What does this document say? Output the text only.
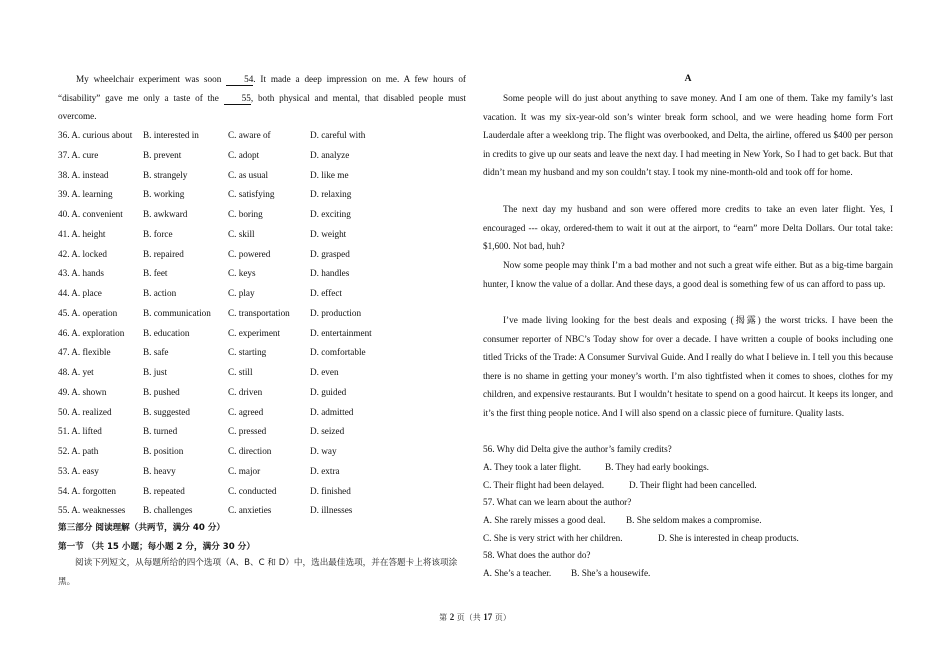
My wheelchair experiment was soon 54. It made a deep impression on me. A few hours of “disability” gave me only a taste of the 55, both physical and mental, that disabled people must overcome.
36. A. curious about B. interested in	C. aware of	D. careful with
37. A. cure	B. prevent	C. adopt	D. analyze
38. A. instead	B. strangely	C. as usual	D. like me
39. A. learning	B. working	C. satisfying	D. relaxing
40. A. convenient B. awkward	C. boring	D. exciting
41. A. height	B. force	C. skill	D. weight
42. A. locked	B. repaired	C. powered	D. grasped
43. A. hands	B. feet	C. keys	D. handles
44. A. place	B. action	C. play	D. effect
45. A. operation	B. communication C. transportation D. production
46. A. exploration B. education	C. experiment	D. entertainment
47. A. flexible	B. safe	C. starting	D. comfortable
48. A. yet	B. just	C. still	D. even
49. A. shown	B. pushed	C. driven	D. guided
50. A. realized	B. suggested	C. agreed	D. admitted
51. A. lifted	B. turned	C. pressed	D. seized
52. A. path	B. position	C. direction	D. way
53. A. easy	B. heavy	C. major	D. extra
54. A. forgotten	B. repeated	C. conducted	D. finished
55. A. weaknesses B. challenges	C. anxieties	D. illnesses
第三部分 阅读理解（共两节，满分 40 分）
第一节 （共 15 小题；每小题 2 分，满分 30 分）
阅读下列短文，从每题所给的四个选项（A、B、C 和 D）中，选出最佳选项，并在答题卡上将该项涂黑。
A
Some people will do just about anything to save money. And I am one of them. Take my family’s last vacation. It was my six-year-old son’s winter break form school, and we were heading home form Fort Lauderdale after a weeklong trip. The flight was overbooked, and Delta, the airline, offered us $400 per person in credits to give up our seats and leave the next day. I had meeting in New York, So I had to get back. But that didn’t mean my husband and my son couldn’t stay. I took my nine-month-old and took off for home.
The next day my husband and son were offered more credits to take an even later flight. Yes, I encouraged --- okay, ordered-them to wait it out at the airport, to “earn” more Delta Dollars. Our total take: $1,600. Not bad, huh?
Now some people may think I’m a bad mother and not such a great wife either. But as a big-time bargain hunter, I know the value of a dollar. And these days, a good deal is something few of us can afford to pass up.
I’ve made living looking for the best deals and exposing (揭露) the worst tricks. I have been the consumer reporter of NBC’s Today show for over a decade. I have written a couple of books including one titled Tricks of the Trade: A Consumer Survival Guide. And I really do what I believe in. I tell you this because there is no shame in getting your money’s worth. I’m also tightfisted when it comes to shoes, clothes for my children, and expensive restaurants. But I wouldn’t hesitate to spend on a good haircut. It keeps its longer, and it’s the first thing people notice. And I will also spend on a classic piece of furniture. Quality lasts.
56. Why did Delta give the author’s family credits?
A. They took a later flight.	B. They had early bookings.
C. Their flight had been delayed.	D. Their flight had been cancelled.
57. What can we learn about the author?
A. She rarely misses a good deal. B. She seldom makes a compromise.
C. She is very strict with her children.	D. She is interested in cheap products.
58. What does the author do?
A. She’s a teacher. B. She’s a housewife.
第 2 页（共 17 页）
